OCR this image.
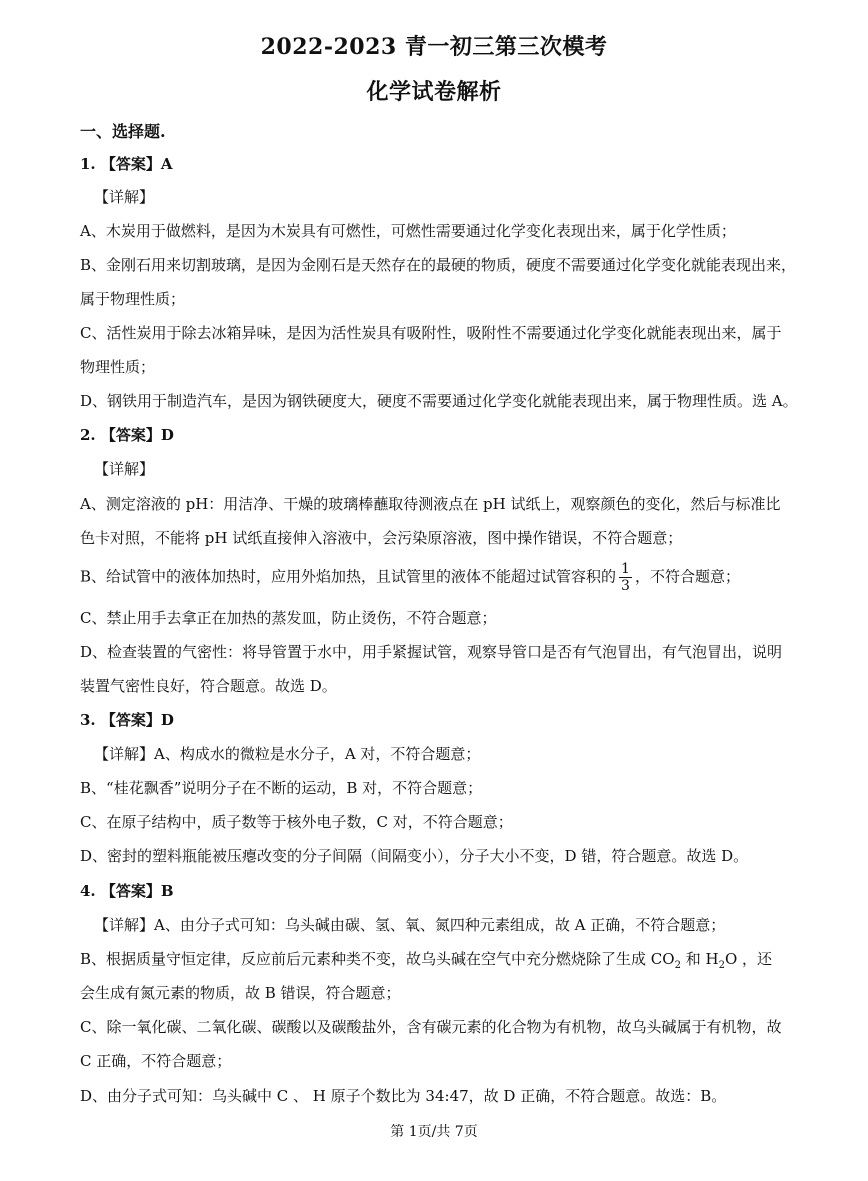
2022-2023 青一初三第三次模考
化学试卷解析
一、选择题.
1. 【答案】A
【详解】
A、木炭用于做燃料，是因为木炭具有可燃性，可燃性需要通过化学变化表现出来，属于化学性质；
B、金刚石用来切割玻璃，是因为金刚石是天然存在的最硬的物质，硬度不需要通过化学变化就能表现出来，
属于物理性质；
C、活性炭用于除去冰箱异味，是因为活性炭具有吸附性，吸附性不需要通过化学变化就能表现出来，属于
物理性质；
D、钢铁用于制造汽车，是因为钢铁硬度大，硬度不需要通过化学变化就能表现出来，属于物理性质。选 A。
2. 【答案】D
【详解】
A、测定溶液的 pH：用洁净、干燥的玻璃棒蘸取待测液点在 pH 试纸上，观察颜色的变化，然后与标准比
色卡对照，不能将 pH 试纸直接伸入溶液中，会污染原溶液，图中操作错误，不符合题意；
B、给试管中的液体加热时，应用外焰加热，且试管里的液体不能超过试管容积的 $\frac{1}{3}$ ，不符合题意；
C、禁止用手去拿正在加热的蒸发皿，防止烫伤，不符合题意；
D、检查装置的气密性：将导管置于水中，用手紧握试管，观察导管口是否有气泡冒出，有气泡冒出，说明
装置气密性良好，符合题意。故选 D。
3. 【答案】D
【详解】A、构成水的微粒是水分子，A 对，不符合题意；
B、“桂花飘香”说明分子在不断的运动，B 对，不符合题意；
C、在原子结构中，质子数等于核外电子数，C 对，不符合题意；
D、密封的塑料瓶能被压瘪改变的分子间隔（间隔变小），分子大小不变，D 错，符合题意。故选 D。
4. 【答案】B
【详解】A、由分子式可知：乌头碱由碳、氢、氧、氮四种元素组成，故 A 正确，不符合题意；
B、根据质量守恒定律，反应前后元素种类不变，故乌头碱在空气中充分燃烧除了生成 $CO_2$ 和 $H_2O$ ，还
会生成有氮元素的物质，故 B 错误，符合题意；
C、除一氧化碳、二氧化碳、碳酸以及碳酸盐外，含有碳元素的化合物为有机物，故乌头碱属于有机物，故
C 正确，不符合题意；
D、由分子式可知：乌头碱中 C 、 H 原子个数比为 34:47，故 D 正确，不符合题意。故选：B。
第 1页/共 7页
